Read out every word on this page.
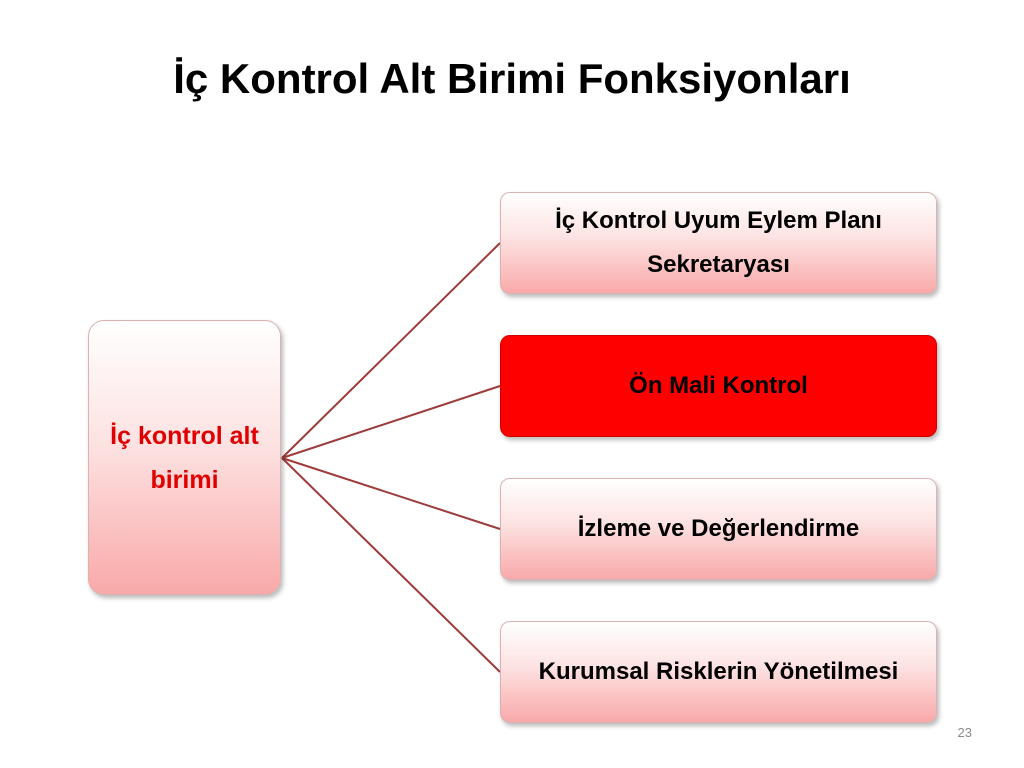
İç Kontrol Alt Birimi Fonksiyonları
İç kontrol alt birimi
İç Kontrol Uyum Eylem Planı Sekretaryası
Ön Mali Kontrol
İzleme ve Değerlendirme
Kurumsal Risklerin Yönetilmesi
23
